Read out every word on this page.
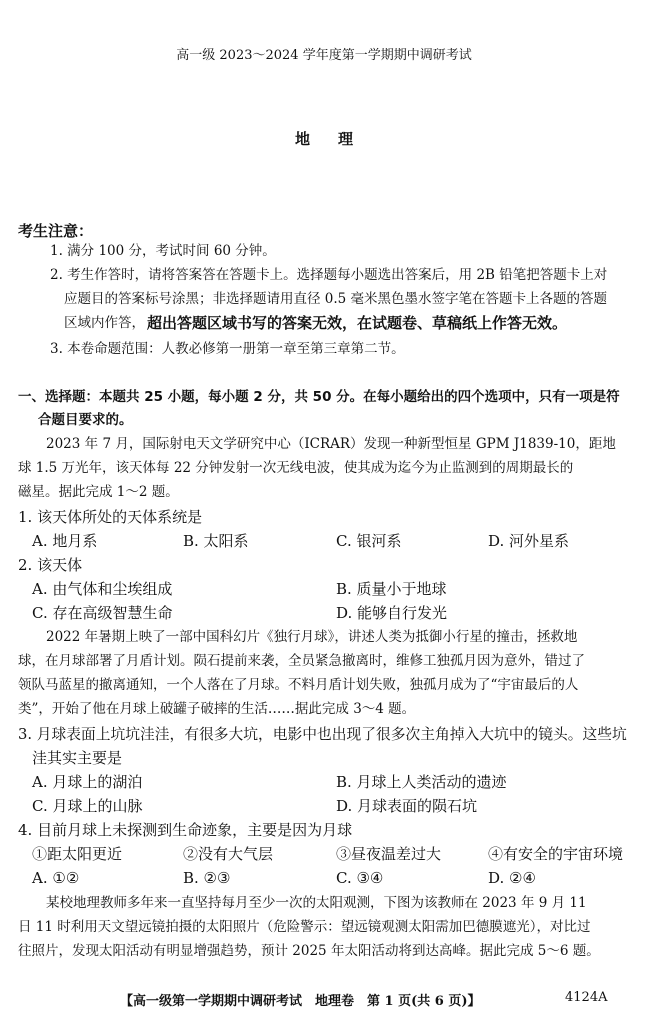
高一级 2023～2024 学年度第一学期期中调研考试
地理
考生注意：
1. 满分 100 分，考试时间 60 分钟。
2. 考生作答时，请将答案答在答题卡上。选择题每小题选出答案后，用 2B 铅笔把答题卡上对
应题目的答案标号涂黑；非选择题请用直径 0.5 毫米黑色墨水签字笔在答题卡上各题的答题
区域内作答， 超出答题区域书写的答案无效，在试题卷、草稿纸上作答无效。
3. 本卷命题范围：人教必修第一册第一章至第三章第二节。
一、选择题：本题共 25 小题，每小题 2 分，共 50 分。在每小题给出的四个选项中，只有一项是符
合题目要求的。
2023 年 7 月，国际射电天文学研究中心（ICRAR）发现一种新型恒星 GPM J1839-10，距地
球 1.5 万光年，该天体每 22 分钟发射一次无线电波，使其成为迄今为止监测到的周期最长的
磁星。据此完成 1～2 题。
1. 该天体所处的天体系统是
A. 地月系	B. 太阳系	C. 银河系	D. 河外星系
2. 该天体
A. 由气体和尘埃组成	B. 质量小于地球
C. 存在高级智慧生命	D. 能够自行发光
2022 年暑期上映了一部中国科幻片《独行月球》，讲述人类为抵御小行星的撞击，拯救地
球，在月球部署了月盾计划。陨石提前来袭，全员紧急撤离时，维修工独孤月因为意外，错过了
领队马蓝星的撤离通知，一个人落在了月球。不料月盾计划失败，独孤月成为了“宇宙最后的人
类”，开始了他在月球上破罐子破摔的生活……据此完成 3～4 题。
3. 月球表面上坑坑洼洼，有很多大坑，电影中也出现了很多次主角掉入大坑中的镜头。这些坑
洼其实主要是
A. 月球上的湖泊	B. 月球上人类活动的遗迹
C. 月球上的山脉	D. 月球表面的陨石坑
4. 目前月球上未探测到生命迹象，主要是因为月球
①距太阳更近	②没有大气层	③昼夜温差过大	④有安全的宇宙环境
A. ①②	B. ②③	C. ③④	D. ②④
某校地理教师多年来一直坚持每月至少一次的太阳观测，下图为该教师在 2023 年 9 月 11
日 11 时利用天文望远镜拍摄的太阳照片（危险警示：望远镜观测太阳需加巴德膜遮光），对比过
往照片，发现太阳活动有明显增强趋势，预计 2025 年太阳活动将到达高峰。据此完成 5～6 题。
【高一级第一学期期中调研考试　地理卷　第 1 页(共 6 页)】	4124A
